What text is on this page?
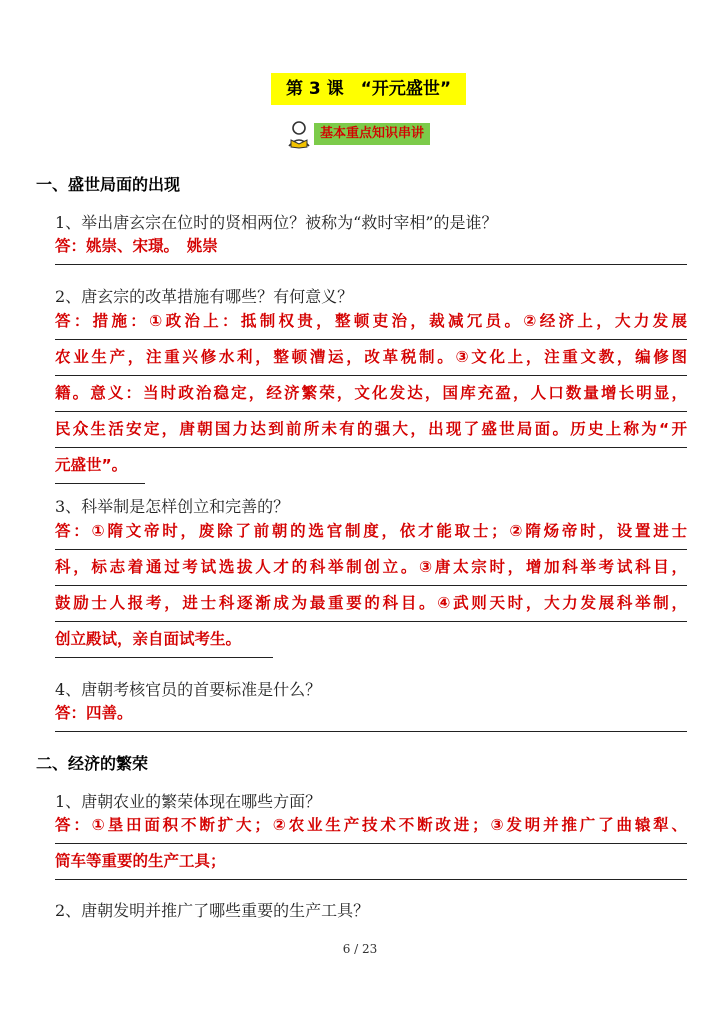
第 3 课　“开元盛世”
基本重点知识串讲
一、盛世局面的出现
1、举出唐玄宗在位时的贤相两位？被称为“救时宰相”的是谁？
答：姚崇、宋璟。　姚崇
2、唐玄宗的改革措施有哪些？有何意义？
答：措施：①政治上：抵制权贵，整顿吏治，裁减冗员。②经济上，大力发展
农业生产，注重兴修水利，整顿漕运，改革税制。③文化上，注重文教，编修图
籍。意义：当时政治稳定，经济繁荣，文化发达，国库充盈，人口数量增长明显，
民众生活安定，唐朝国力达到前所未有的强大，出现了盛世局面。历史上称为“开
元盛世”。
3、科举制是怎样创立和完善的？
答：①隋文帝时，废除了前朝的选官制度，依才能取士；②隋炀帝时，设置进士
科，标志着通过考试选拔人才的科举制创立。③唐太宗时，增加科举考试科目，
鼓励士人报考，进士科逐渐成为最重要的科目。④武则天时，大力发展科举制，
创立殿试，亲自面试考生。
4、唐朝考核官员的首要标准是什么？
答：四善。
二、经济的繁荣
1、唐朝农业的繁荣体现在哪些方面？
答：①垦田面积不断扩大；②农业生产技术不断改进；③发明并推广了曲辕犁、
筒车等重要的生产工具；
2、唐朝发明并推广了哪些重要的生产工具？
6 / 23
